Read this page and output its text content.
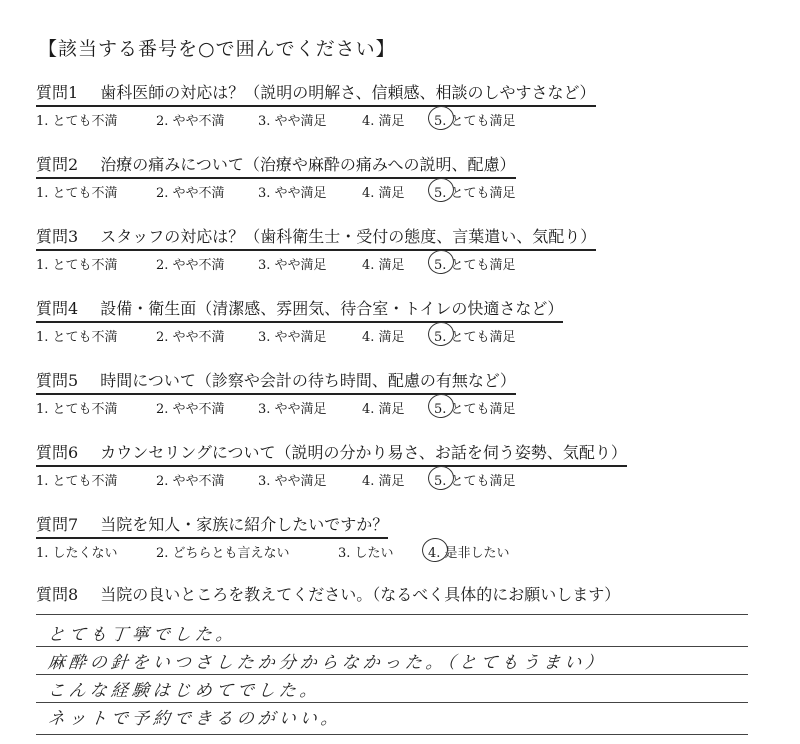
【該当する番号を○で囲んでください】
質問1 歯科医師の対応は？（説明の明解さ、信頼感、相談のしやすさなど）
1. とても不満	2. やや不満	3. やや満足	4. 満足 5. とても満足
質問2 治療の痛みについて（治療や麻酔の痛みへの説明、配慮）
1. とても不満	2. やや不満	3. やや満足	4. 満足 5. とても満足
質問3 スタッフの対応は？（歯科衛生士・受付の態度、言葉遣い、気配り）
1. とても不満	2. やや不満	3. やや満足	4. 満足 5. とても満足
質問4 設備・衛生面（清潔感、雰囲気、待合室・トイレの快適さなど）
1. とても不満	2. やや不満	3. やや満足	4. 満足 5. とても満足
質問5 時間について（診察や会計の待ち時間、配慮の有無など）
1. とても不満	2. やや不満	3. やや満足	4. 満足 5. とても満足
質問6 カウンセリングについて（説明の分かり易さ、お話を伺う姿勢、気配り）
1. とても不満	2. やや不満	3. やや満足	4. 満足 5. とても満足
質問7 当院を知人・家族に紹介したいですか？
1. したくない	2. どちらとも言えない	3. したい	4. 是非したい
質問8 当院の良いところを教えてください。（なるべく具体的にお願いします）
とても丁寧でした。
麻酔の針をいつさしたか分からなかった。（とてもうまい）
こんな経験はじめてでした。
ネットで予約できるのがいい。
